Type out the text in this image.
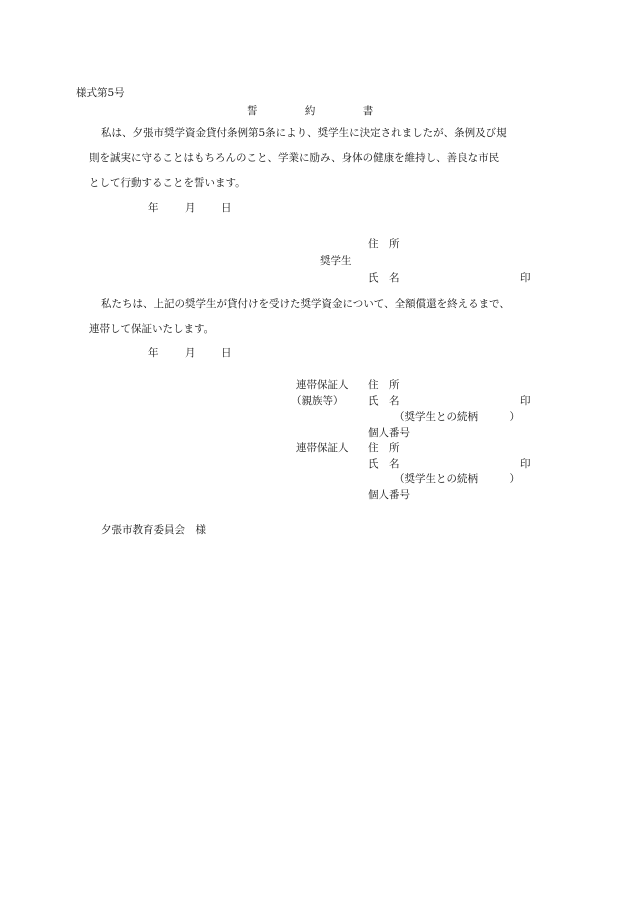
様式第5号
誓	約	書
私は、夕張市奨学資金貸付条例第5条により、奨学生に決定されましたが、条例及び規
則を誠実に守ることはもちろんのこと、学業に励み、身体の健康を維持し、善良な市民
として行動することを誓います。
年	月 日
住　所
奨学生
氏　名	印
私たちは、上記の奨学生が貸付けを受けた奨学資金について、全額償還を終えるまで、
連帯して保証いたします。
年	月 日
連帯保証人 住　所
（親族等） 氏　名	印
（奨学生との続柄　　　）
個人番号
連帯保証人 住　所
氏　名	印
（奨学生との続柄　　　）
個人番号
夕張市教育委員会　様
